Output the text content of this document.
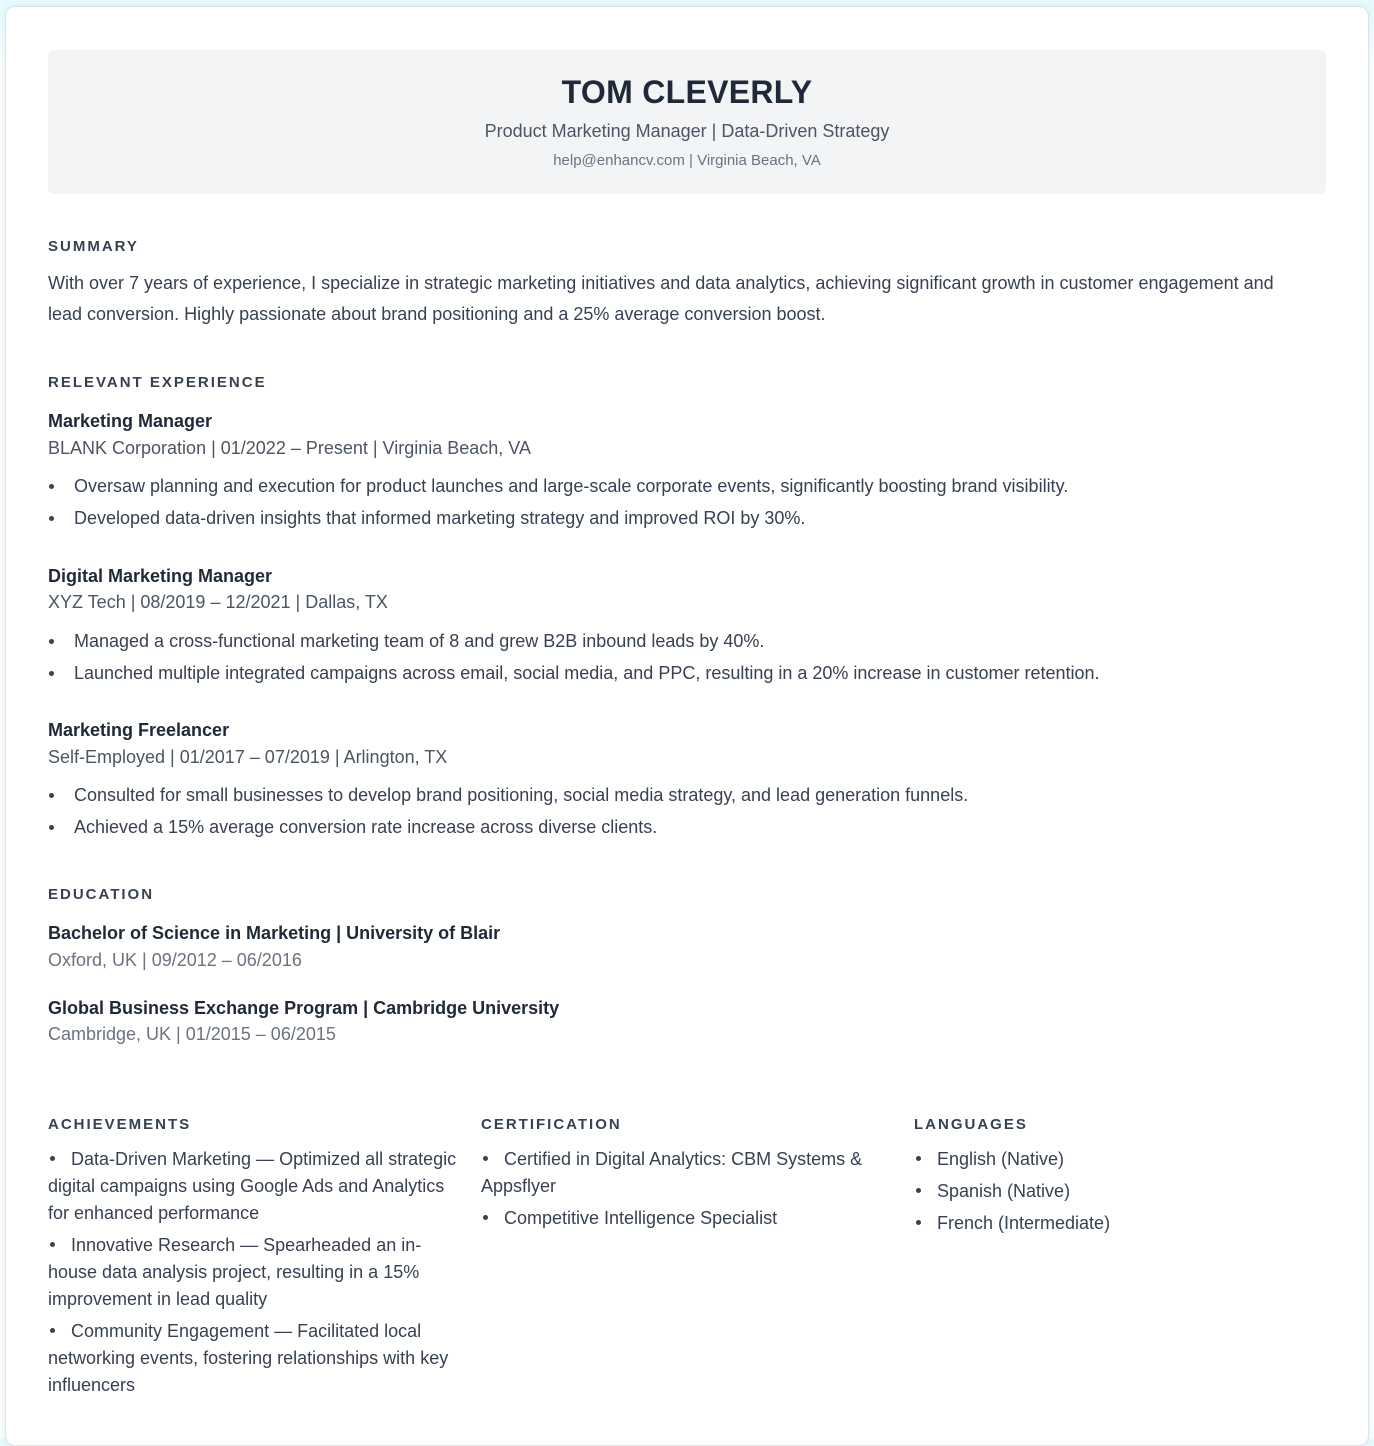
TOM CLEVERLY
Product Marketing Manager | Data-Driven Strategy
help@enhancv.com | Virginia Beach, VA
SUMMARY
With over 7 years of experience, I specialize in strategic marketing initiatives and data analytics, achieving significant growth in customer engagement and lead conversion. Highly passionate about brand positioning and a 25% average conversion boost.
RELEVANT EXPERIENCE
Marketing Manager
BLANK Corporation | 01/2022 – Present | Virginia Beach, VA
Oversaw planning and execution for product launches and large-scale corporate events, significantly boosting brand visibility.
Developed data-driven insights that informed marketing strategy and improved ROI by 30%.
Digital Marketing Manager
XYZ Tech | 08/2019 – 12/2021 | Dallas, TX
Managed a cross-functional marketing team of 8 and grew B2B inbound leads by 40%.
Launched multiple integrated campaigns across email, social media, and PPC, resulting in a 20% increase in customer retention.
Marketing Freelancer
Self-Employed | 01/2017 – 07/2019 | Arlington, TX
Consulted for small businesses to develop brand positioning, social media strategy, and lead generation funnels.
Achieved a 15% average conversion rate increase across diverse clients.
EDUCATION
Bachelor of Science in Marketing | University of Blair
Oxford, UK | 09/2012 – 06/2016
Global Business Exchange Program | Cambridge University
Cambridge, UK | 01/2015 – 06/2015
ACHIEVEMENTS
Data-Driven Marketing — Optimized all strategic digital campaigns using Google Ads and Analytics for enhanced performance
Innovative Research — Spearheaded an in-house data analysis project, resulting in a 15% improvement in lead quality
Community Engagement — Facilitated local networking events, fostering relationships with key influencers
CERTIFICATION
Certified in Digital Analytics: CBM Systems & Appsflyer
Competitive Intelligence Specialist
LANGUAGES
English (Native)
Spanish (Native)
French (Intermediate)
